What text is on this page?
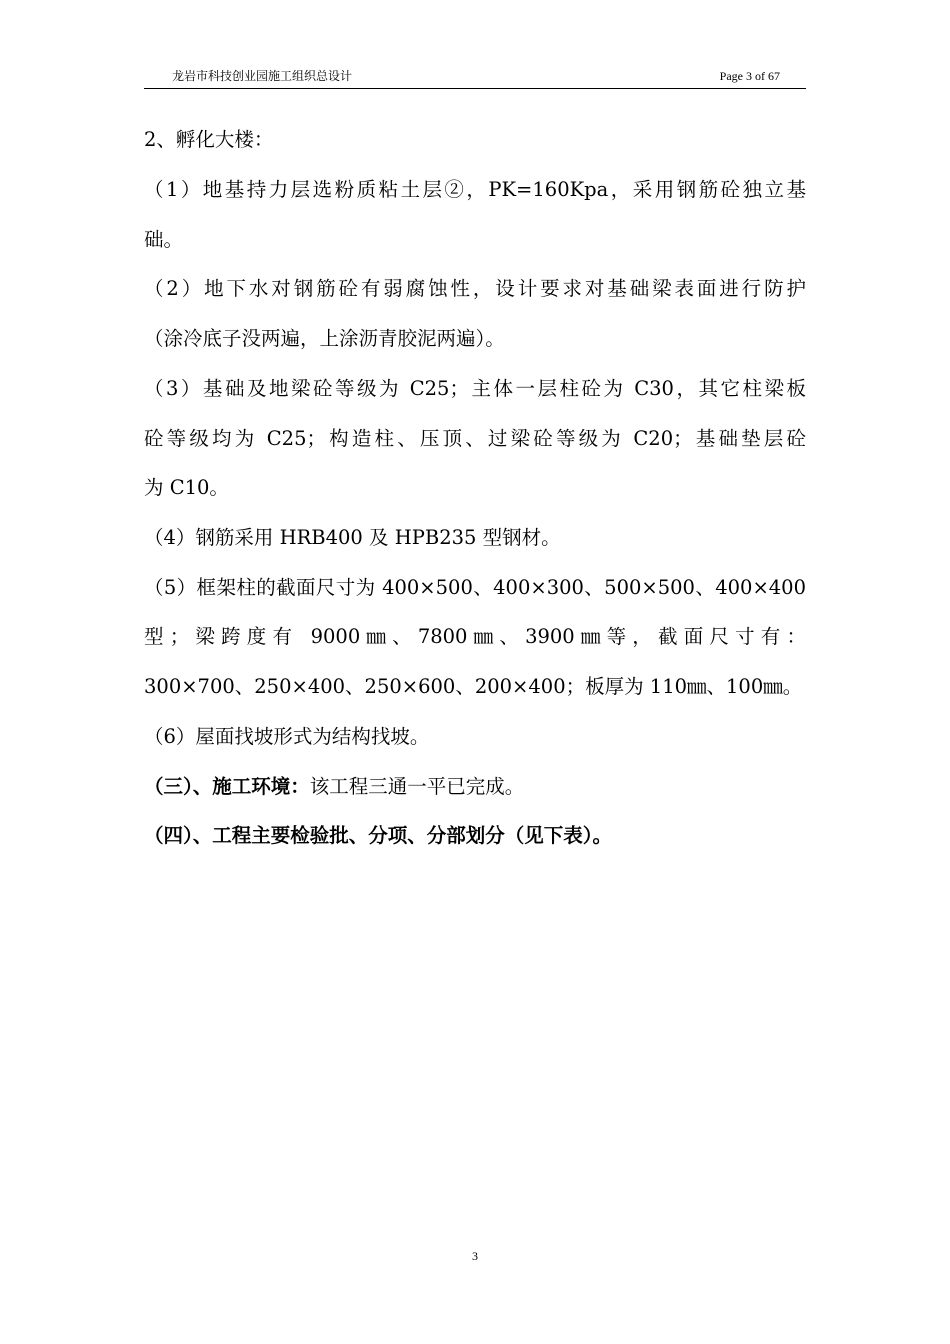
龙岩市科技创业园施工组织总设计	Page 3 of 67
2、孵化大楼：
（1）地基持力层选粉质粘土层②，PK=160Kpa，采用钢筋砼独立基
础。
（2）地下水对钢筋砼有弱腐蚀性，设计要求对基础梁表面进行防护
（涂冷底子没两遍，上涂沥青胶泥两遍）。
（3）基础及地梁砼等级为 C25；主体一层柱砼为 C30，其它柱梁板
砼等级均为 C25；构造柱、压顶、过梁砼等级为 C20；基础垫层砼
为 C10。
（4）钢筋采用 HRB400 及 HPB235 型钢材。
（5）框架柱的截面尺寸为 400×500、400×300、500×500、400×400
型；梁跨度有 9000㎜、7800㎜、3900㎜等，截面尺寸有：
300×700、250×400、250×600、200×400；板厚为 110㎜、100㎜。
（6）屋面找坡形式为结构找坡。
（三）、施工环境：该工程三通一平已完成。
（四）、工程主要检验批、分项、分部划分（见下表）。
3
